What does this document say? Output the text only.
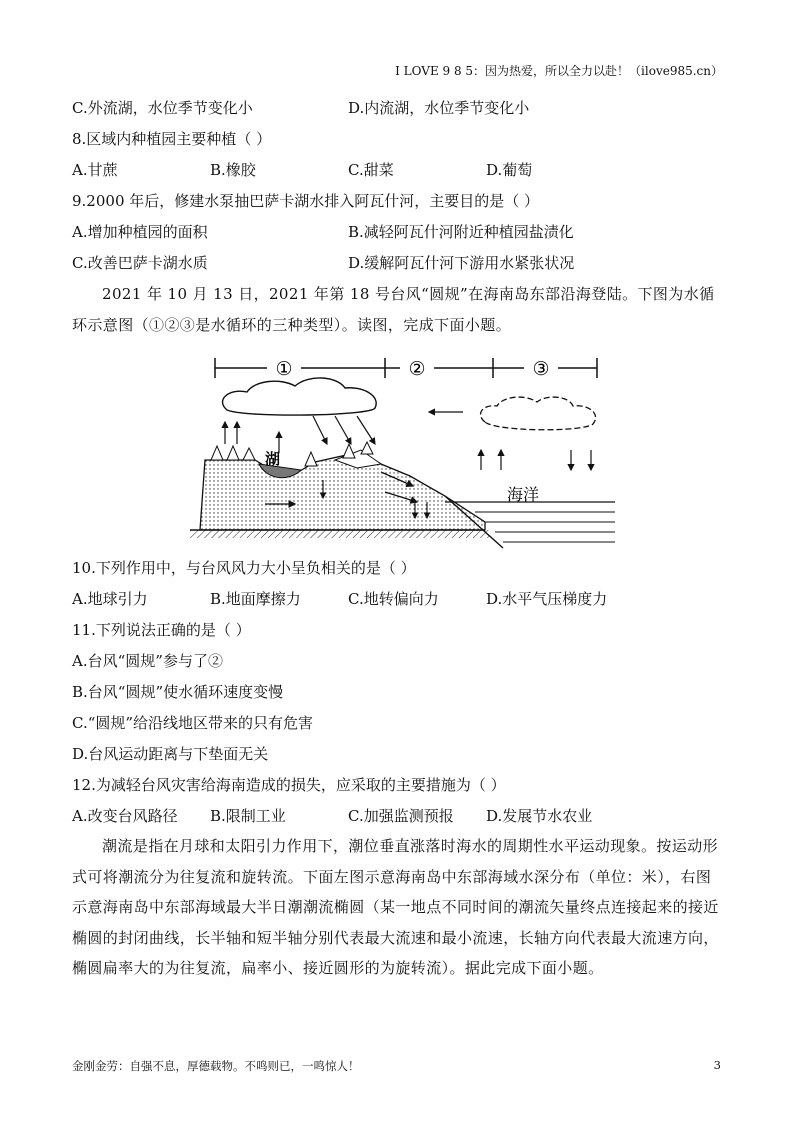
I LOVE 9 8 5：因为热爱，所以全力以赴！（ilove985.cn）
C.外流湖，水位季节变化小	D.内流湖，水位季节变化小
8.区域内种植园主要种植（ ）
A.甘蔗	B.橡胶	C.甜菜	D.葡萄
9.2000 年后，修建水泵抽巴萨卡湖水排入阿瓦什河，主要目的是（ ）
A.增加种植园的面积	B.减轻阿瓦什河附近种植园盐渍化
C.改善巴萨卡湖水质	D.缓解阿瓦什河下游用水紧张状况
2021 年 10 月 13 日，2021 年第 18 号台风“圆规”在海南岛东部沿海登陆。下图为水循环示意图（①②③是水循环的三种类型）。读图，完成下面小题。
①	②	③
湖
海洋
10.下列作用中，与台风风力大小呈负相关的是（ ）
A.地球引力	B.地面摩擦力	C.地转偏向力	D.水平气压梯度力
11.下列说法正确的是（ ）
A.台风“圆规”参与了②
B.台风“圆规”使水循环速度变慢
C.“圆规”给沿线地区带来的只有危害
D.台风运动距离与下垫面无关
12.为减轻台风灾害给海南造成的损失，应采取的主要措施为（ ）
A.改变台风路径 B.限制工业	C.加强监测预报 D.发展节水农业
潮流是指在月球和太阳引力作用下，潮位垂直涨落时海水的周期性水平运动现象。按运动形式可将潮流分为往复流和旋转流。下面左图示意海南岛中东部海域水深分布（单位：米），右图示意海南岛中东部海域最大半日潮潮流椭圆（某一地点不同时间的潮流矢量终点连接起来的接近椭圆的封闭曲线，长半轴和短半轴分别代表最大流速和最小流速，长轴方向代表最大流速方向，椭圆扁率大的为往复流，扁率小、接近圆形的为旋转流）。据此完成下面小题。
金刚金劳：自强不息，厚德载物。不鸣则已，一鸣惊人！	3
